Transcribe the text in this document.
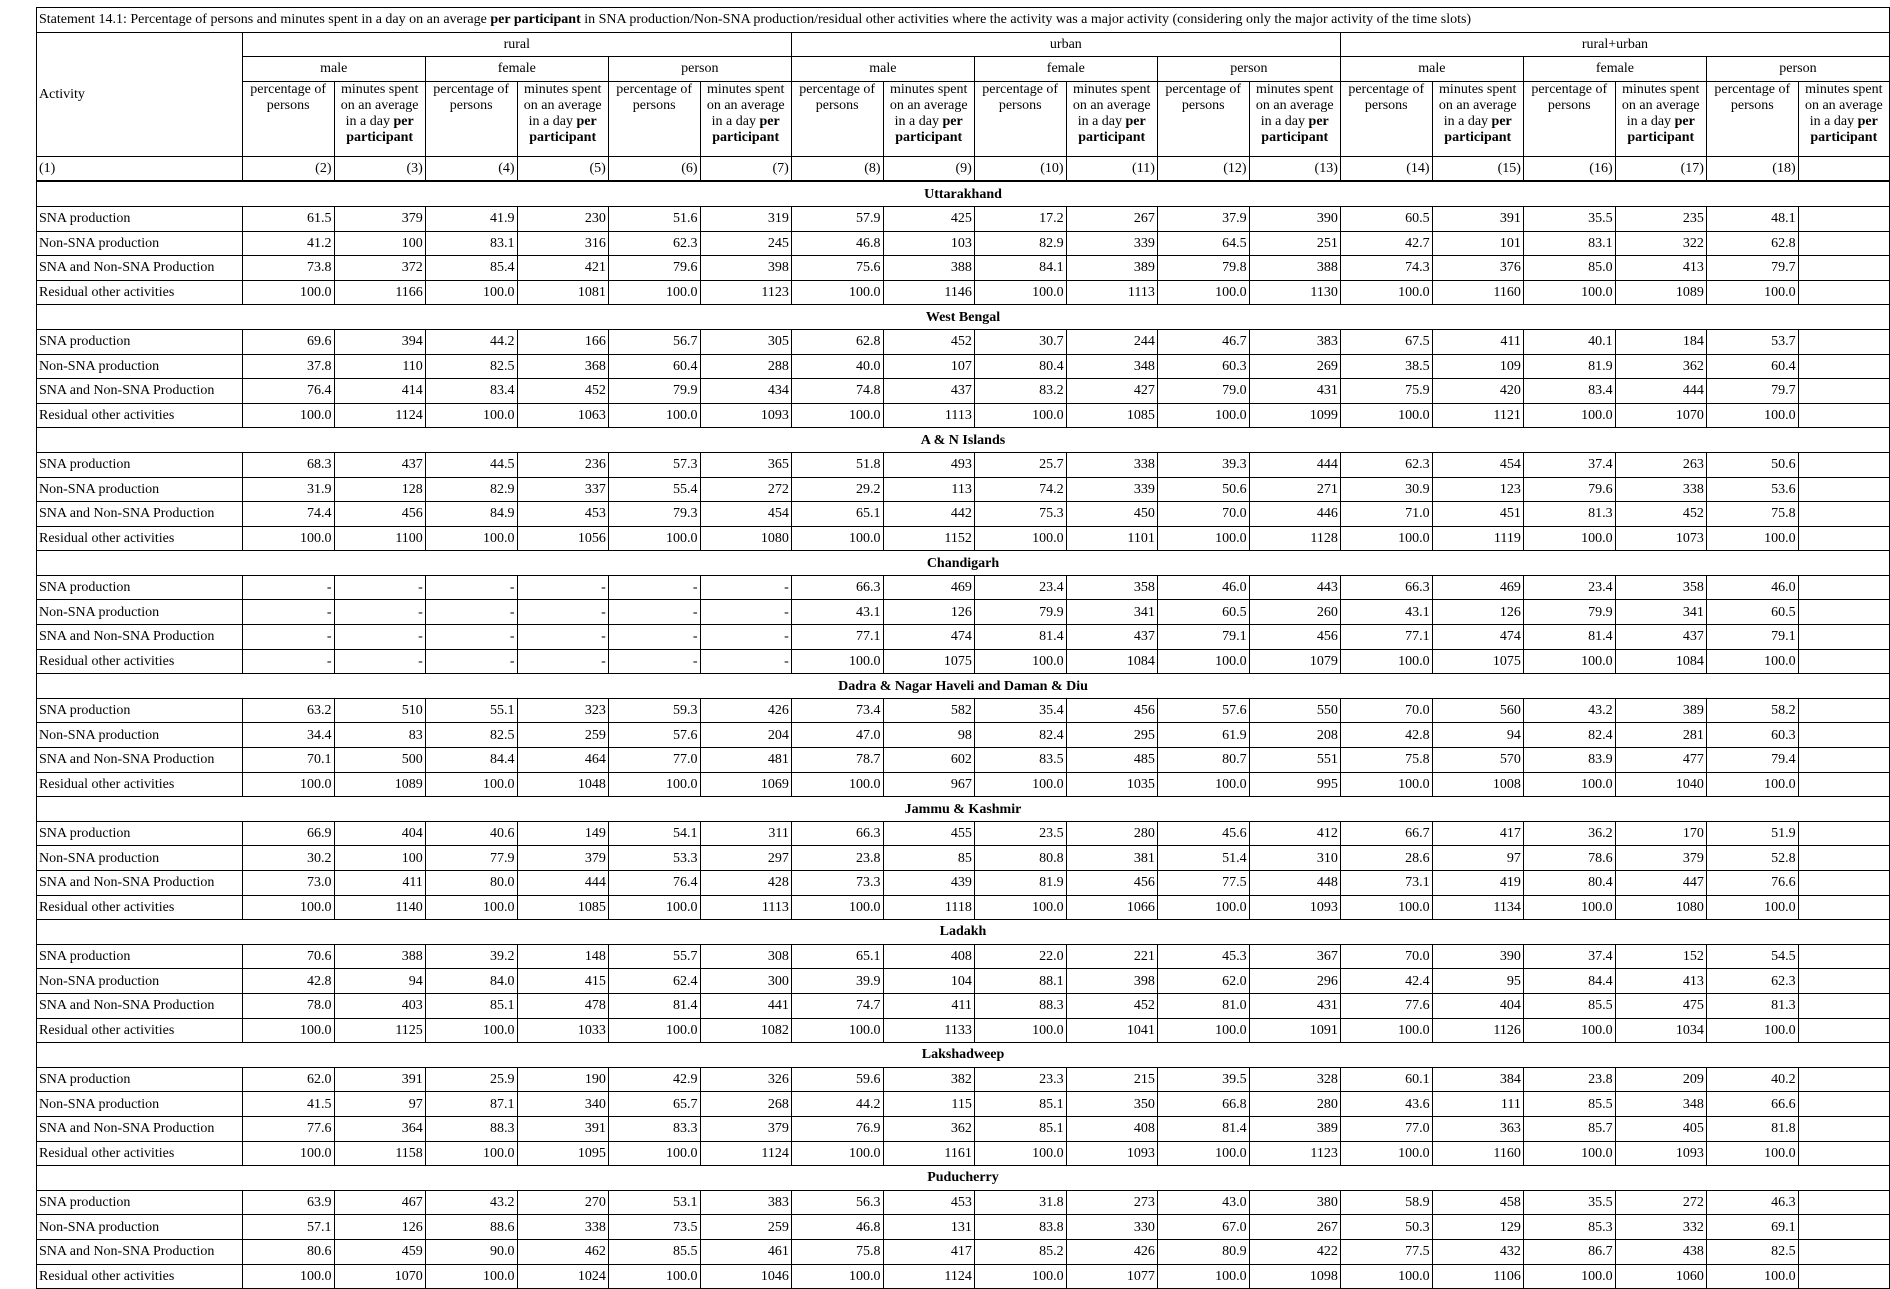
Statement 14.1: Percentage of persons and minutes spent in a day on an average per participant in SNA production/Non-SNA production/residual other activities where the activity was a major activity (considering only the major activity of the time slots)																		
Activity	rural						urban						rural+urban					
	male		female		person		male		female		person		male		female		person	
	percentage of persons	minutes spent on an average in a day per participant	percentage of persons	minutes spent on an average in a day per participant	percentage of persons	minutes spent on an average in a day per participant	percentage of persons	minutes spent on an average in a day per participant	percentage of persons	minutes spent on an average in a day per participant	percentage of persons	minutes spent on an average in a day per participant	percentage of persons	minutes spent on an average in a day per participant	percentage of persons	minutes spent on an average in a day per participant	percentage of persons	minutes spent on an average in a day per participant
(1)	(2)	(3)	(4)	(5)	(6)	(7)	(8)	(9)	(10)	(11)	(12)	(13)	(14)	(15)	(16)	(17)	(18)	
Uttarakhand																		
SNA production	61.5	379	41.9	230	51.6	319	57.9	425	17.2	267	37.9	390	60.5	391	35.5	235	48.1	
Non-SNA production	41.2	100	83.1	316	62.3	245	46.8	103	82.9	339	64.5	251	42.7	101	83.1	322	62.8	
SNA and Non-SNA Production	73.8	372	85.4	421	79.6	398	75.6	388	84.1	389	79.8	388	74.3	376	85.0	413	79.7	
Residual other activities	100.0	1166	100.0	1081	100.0	1123	100.0	1146	100.0	1113	100.0	1130	100.0	1160	100.0	1089	100.0	
West Bengal																		
SNA production	69.6	394	44.2	166	56.7	305	62.8	452	30.7	244	46.7	383	67.5	411	40.1	184	53.7	
Non-SNA production	37.8	110	82.5	368	60.4	288	40.0	107	80.4	348	60.3	269	38.5	109	81.9	362	60.4	
SNA and Non-SNA Production	76.4	414	83.4	452	79.9	434	74.8	437	83.2	427	79.0	431	75.9	420	83.4	444	79.7	
Residual other activities	100.0	1124	100.0	1063	100.0	1093	100.0	1113	100.0	1085	100.0	1099	100.0	1121	100.0	1070	100.0	
A & N Islands																		
SNA production	68.3	437	44.5	236	57.3	365	51.8	493	25.7	338	39.3	444	62.3	454	37.4	263	50.6	
Non-SNA production	31.9	128	82.9	337	55.4	272	29.2	113	74.2	339	50.6	271	30.9	123	79.6	338	53.6	
SNA and Non-SNA Production	74.4	456	84.9	453	79.3	454	65.1	442	75.3	450	70.0	446	71.0	451	81.3	452	75.8	
Residual other activities	100.0	1100	100.0	1056	100.0	1080	100.0	1152	100.0	1101	100.0	1128	100.0	1119	100.0	1073	100.0	
Chandigarh																		
SNA production	-	-	-	-	-	-	66.3	469	23.4	358	46.0	443	66.3	469	23.4	358	46.0	
Non-SNA production	-	-	-	-	-	-	43.1	126	79.9	341	60.5	260	43.1	126	79.9	341	60.5	
SNA and Non-SNA Production	-	-	-	-	-	-	77.1	474	81.4	437	79.1	456	77.1	474	81.4	437	79.1	
Residual other activities	-	-	-	-	-	-	100.0	1075	100.0	1084	100.0	1079	100.0	1075	100.0	1084	100.0	
Dadra & Nagar Haveli and Daman & Diu																		
SNA production	63.2	510	55.1	323	59.3	426	73.4	582	35.4	456	57.6	550	70.0	560	43.2	389	58.2	
Non-SNA production	34.4	83	82.5	259	57.6	204	47.0	98	82.4	295	61.9	208	42.8	94	82.4	281	60.3	
SNA and Non-SNA Production	70.1	500	84.4	464	77.0	481	78.7	602	83.5	485	80.7	551	75.8	570	83.9	477	79.4	
Residual other activities	100.0	1089	100.0	1048	100.0	1069	100.0	967	100.0	1035	100.0	995	100.0	1008	100.0	1040	100.0	
Jammu & Kashmir																		
SNA production	66.9	404	40.6	149	54.1	311	66.3	455	23.5	280	45.6	412	66.7	417	36.2	170	51.9	
Non-SNA production	30.2	100	77.9	379	53.3	297	23.8	85	80.8	381	51.4	310	28.6	97	78.6	379	52.8	
SNA and Non-SNA Production	73.0	411	80.0	444	76.4	428	73.3	439	81.9	456	77.5	448	73.1	419	80.4	447	76.6	
Residual other activities	100.0	1140	100.0	1085	100.0	1113	100.0	1118	100.0	1066	100.0	1093	100.0	1134	100.0	1080	100.0	
Ladakh																		
SNA production	70.6	388	39.2	148	55.7	308	65.1	408	22.0	221	45.3	367	70.0	390	37.4	152	54.5	
Non-SNA production	42.8	94	84.0	415	62.4	300	39.9	104	88.1	398	62.0	296	42.4	95	84.4	413	62.3	
SNA and Non-SNA Production	78.0	403	85.1	478	81.4	441	74.7	411	88.3	452	81.0	431	77.6	404	85.5	475	81.3	
Residual other activities	100.0	1125	100.0	1033	100.0	1082	100.0	1133	100.0	1041	100.0	1091	100.0	1126	100.0	1034	100.0	
Lakshadweep																		
SNA production	62.0	391	25.9	190	42.9	326	59.6	382	23.3	215	39.5	328	60.1	384	23.8	209	40.2	
Non-SNA production	41.5	97	87.1	340	65.7	268	44.2	115	85.1	350	66.8	280	43.6	111	85.5	348	66.6	
SNA and Non-SNA Production	77.6	364	88.3	391	83.3	379	76.9	362	85.1	408	81.4	389	77.0	363	85.7	405	81.8	
Residual other activities	100.0	1158	100.0	1095	100.0	1124	100.0	1161	100.0	1093	100.0	1123	100.0	1160	100.0	1093	100.0	
Puducherry																		
SNA production	63.9	467	43.2	270	53.1	383	56.3	453	31.8	273	43.0	380	58.9	458	35.5	272	46.3	
Non-SNA production	57.1	126	88.6	338	73.5	259	46.8	131	83.8	330	67.0	267	50.3	129	85.3	332	69.1	
SNA and Non-SNA Production	80.6	459	90.0	462	85.5	461	75.8	417	85.2	426	80.9	422	77.5	432	86.7	438	82.5	
Residual other activities	100.0	1070	100.0	1024	100.0	1046	100.0	1124	100.0	1077	100.0	1098	100.0	1106	100.0	1060	100.0	
